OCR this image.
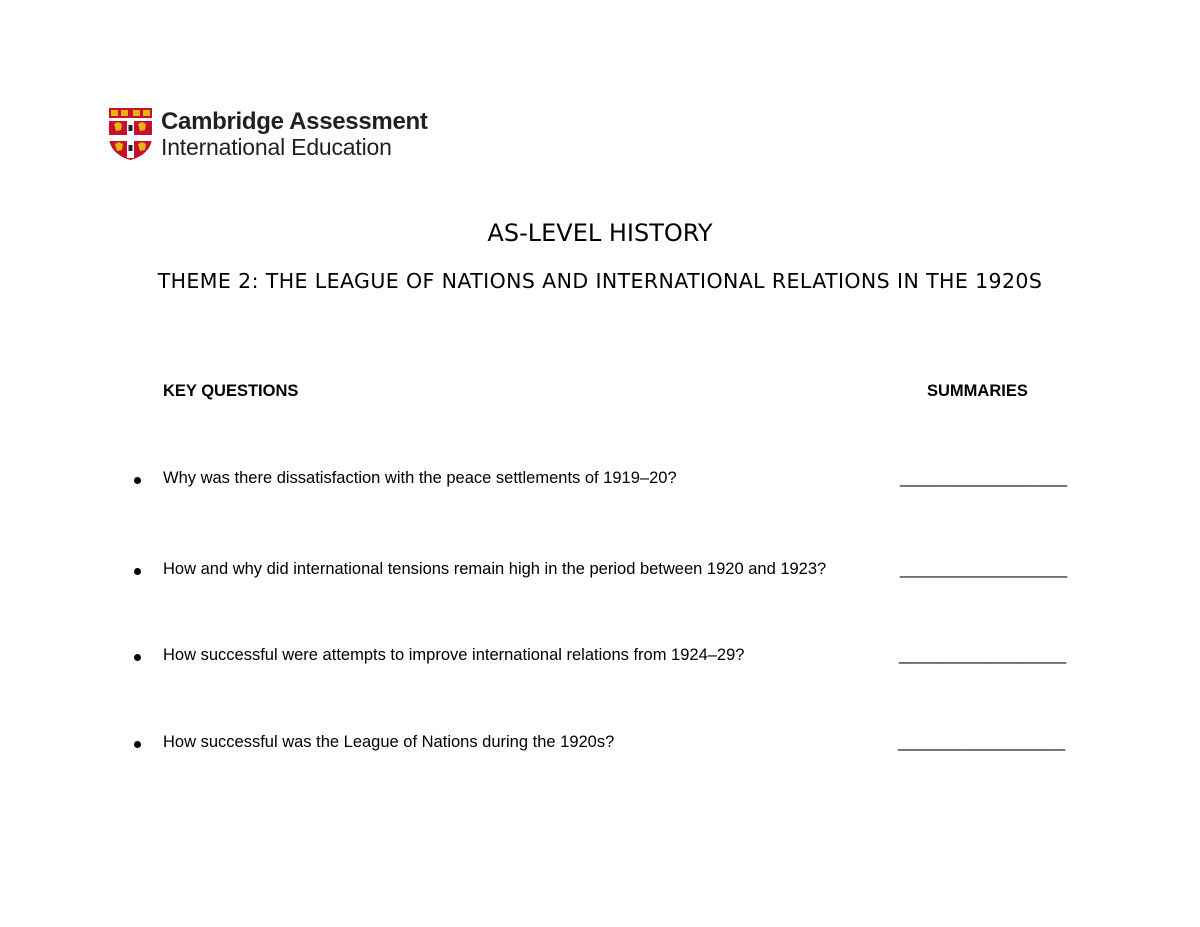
Cambridge Assessment
International Education
AS-LEVEL HISTORY
THEME 2: THE LEAGUE OF NATIONS AND INTERNATIONAL RELATIONS IN THE 1920S
KEY QUESTIONS	SUMMARIES
Why was there dissatisfaction with the peace settlements of 1919–20?	___________________
How and why did international tensions remain high in the period between 1920 and 1923?	___________________
How successful were attempts to improve international relations from 1924–29?	___________________
How successful was the League of Nations during the 1920s?	___________________
